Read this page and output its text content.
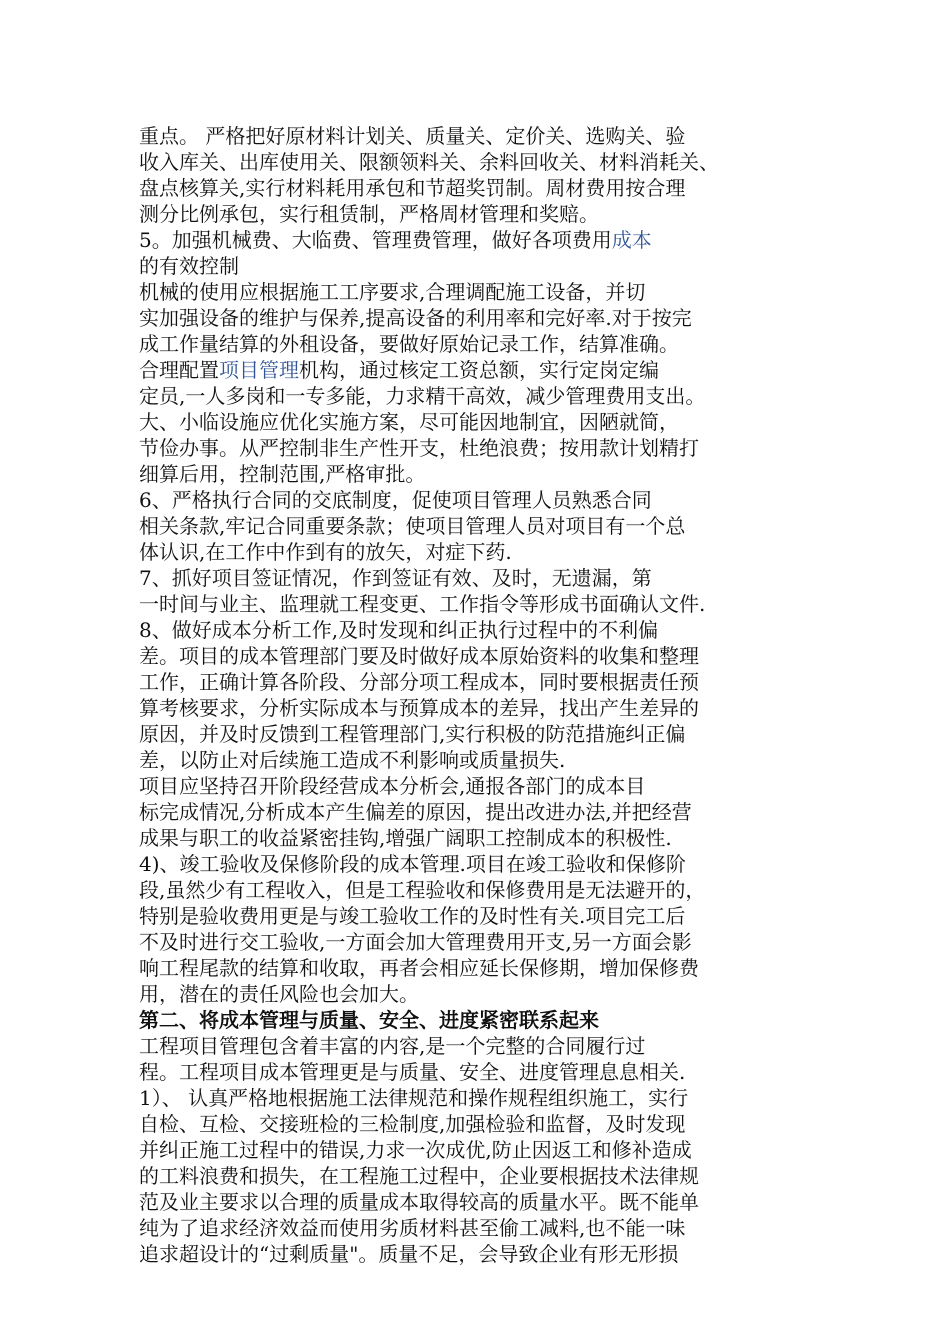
重点。 严格把好原材料计划关、质量关、定价关、选购关、验
收入库关、出库使用关、限额领料关、余料回收关、材料消耗关、
盘点核算关,实行材料耗用承包和节超奖罚制。周材费用按合理
测分比例承包，实行租赁制，严格周材管理和奖赔。
5。加强机械费、大临费、管理费管理，做好各项费用成本
的有效控制
机械的使用应根据施工工序要求,合理调配施工设备，并切
实加强设备的维护与保养,提高设备的利用率和完好率.对于按完
成工作量结算的外租设备，要做好原始记录工作，结算准确。
合理配置项目管理机构，通过核定工资总额，实行定岗定编
定员,一人多岗和一专多能，力求精干高效，减少管理费用支出。
大、小临设施应优化实施方案，尽可能因地制宜，因陋就简，
节俭办事。从严控制非生产性开支，杜绝浪费；按用款计划精打
细算后用，控制范围,严格审批。
6、严格执行合同的交底制度，促使项目管理人员熟悉合同
相关条款,牢记合同重要条款；使项目管理人员对项目有一个总
体认识,在工作中作到有的放矢，对症下药.
7、抓好项目签证情况，作到签证有效、及时，无遗漏，第
一时间与业主、监理就工程变更、工作指令等形成书面确认文件.
8、做好成本分析工作,及时发现和纠正执行过程中的不利偏
差。项目的成本管理部门要及时做好成本原始资料的收集和整理
工作，正确计算各阶段、分部分项工程成本，同时要根据责任预
算考核要求，分析实际成本与预算成本的差异，找出产生差异的
原因，并及时反馈到工程管理部门,实行积极的防范措施纠正偏
差，以防止对后续施工造成不利影响或质量损失.
项目应坚持召开阶段经营成本分析会,通报各部门的成本目
标完成情况,分析成本产生偏差的原因，提出改进办法,并把经营
成果与职工的收益紧密挂钩,增强广阔职工控制成本的积极性.
4)、竣工验收及保修阶段的成本管理.项目在竣工验收和保修阶
段,虽然少有工程收入，但是工程验收和保修费用是无法避开的，
特别是验收费用更是与竣工验收工作的及时性有关.项目完工后
不及时进行交工验收,一方面会加大管理费用开支,另一方面会影
响工程尾款的结算和收取，再者会相应延长保修期，增加保修费
用，潜在的责任风险也会加大。
第二、将成本管理与质量、安全、进度紧密联系起来
工程项目管理包含着丰富的内容,是一个完整的合同履行过
程。工程项目成本管理更是与质量、安全、进度管理息息相关.
1）、 认真严格地根据施工法律规范和操作规程组织施工，实行
自检、互检、交接班检的三检制度,加强检验和监督，及时发现
并纠正施工过程中的错误,力求一次成优,防止因返工和修补造成
的工料浪费和损失，在工程施工过程中，企业要根据技术法律规
范及业主要求以合理的质量成本取得较高的质量水平。既不能单
纯为了追求经济效益而使用劣质材料甚至偷工减料,也不能一味
追求超设计的“过剩质量"。质量不足，会导致企业有形无形损
